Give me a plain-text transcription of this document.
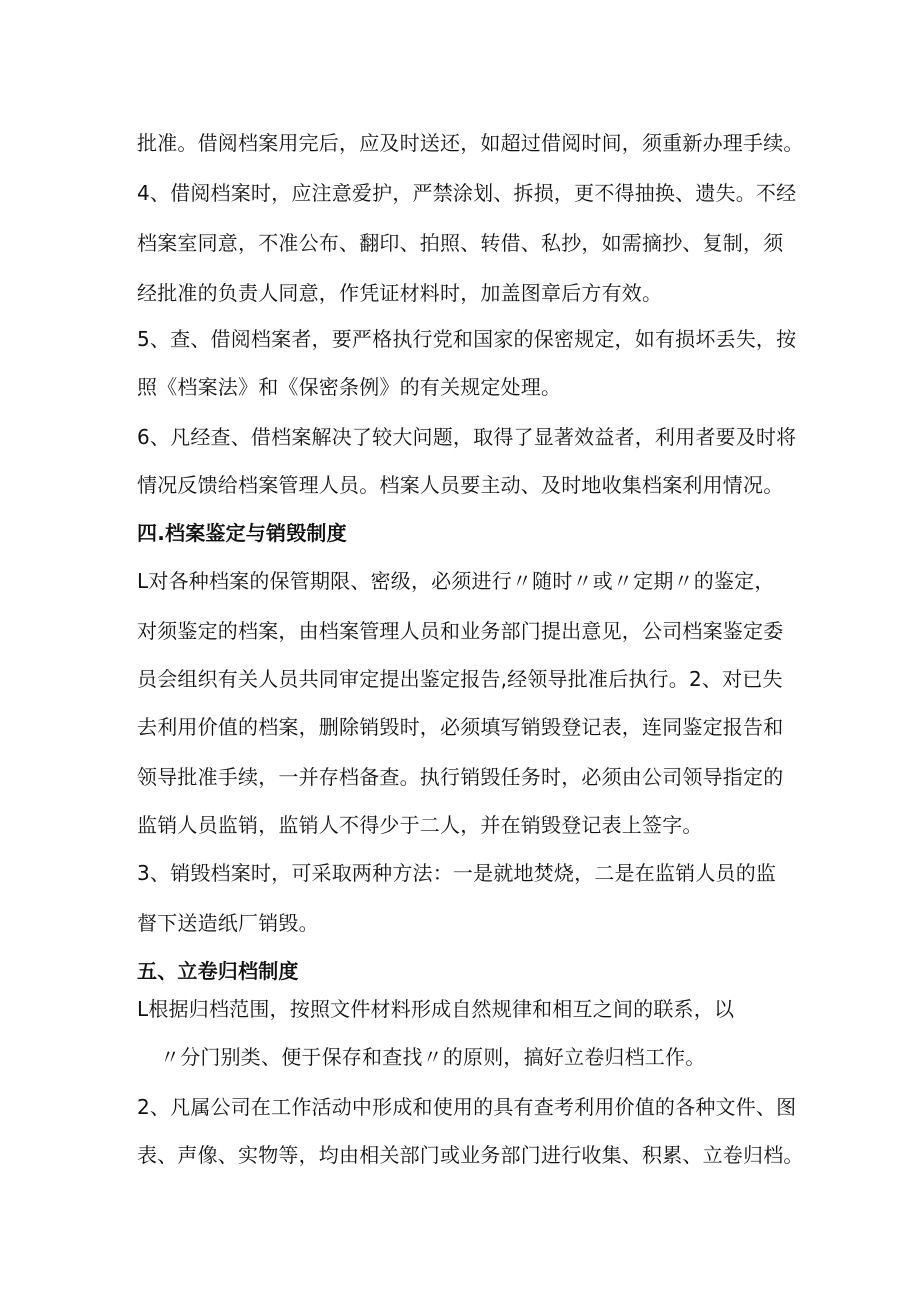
批准。借阅档案用完后，应及时送还，如超过借阅时间，须重新办理手续。
4、借阅档案时，应注意爱护，严禁涂划、拆损，更不得抽换、遗失。不经
档案室同意，不准公布、翻印、拍照、转借、私抄，如需摘抄、复制，须
经批准的负责人同意，作凭证材料时，加盖图章后方有效。
5、查、借阅档案者，要严格执行党和国家的保密规定，如有损坏丢失，按
照《档案法》和《保密条例》的有关规定处理。
6、凡经查、借档案解决了较大问题，取得了显著效益者，利用者要及时将
情况反馈给档案管理人员。档案人员要主动、及时地收集档案利用情况。
四.档案鉴定与销毁制度
L对各种档案的保管期限、密级，必须进行〃随时〃或〃定期〃的鉴定，
对须鉴定的档案，由档案管理人员和业务部门提出意见，公司档案鉴定委
员会组织有关人员共同审定提出鉴定报告,经领导批准后执行。2、对已失
去利用价值的档案，删除销毁时，必须填写销毁登记表，连同鉴定报告和
领导批准手续，一并存档备查。执行销毁任务时，必须由公司领导指定的
监销人员监销，监销人不得少于二人，并在销毁登记表上签字。
3、销毁档案时，可采取两种方法：一是就地焚烧，二是在监销人员的监
督下送造纸厂销毁。
五、立卷归档制度
L根据归档范围，按照文件材料形成自然规律和相互之间的联系，以
〃分门别类、便于保存和查找〃的原则，搞好立卷归档工作。
2、凡属公司在工作活动中形成和使用的具有查考利用价值的各种文件、图
表、声像、实物等，均由相关部门或业务部门进行收集、积累、立卷归档。
